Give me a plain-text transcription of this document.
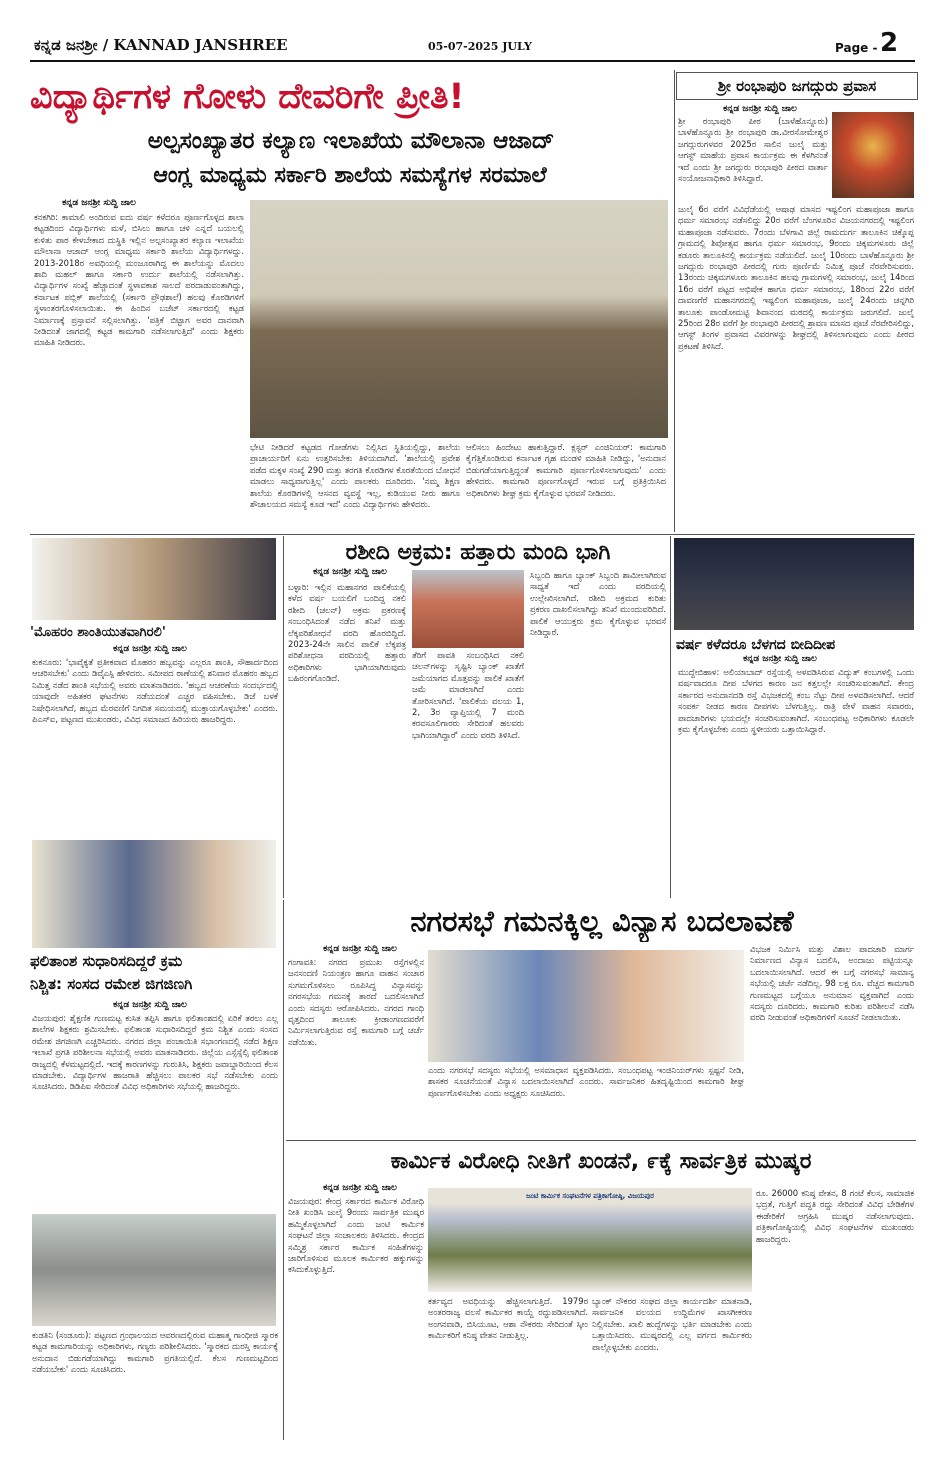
ಕನ್ನಡ ಜನಶ್ರೀ / KANNAD JANSHREE	05-07-2025 JULY	Page - 2
ವಿದ್ಯಾರ್ಥಿಗಳ ಗೋಳು ದೇವರಿಗೇ ಪ್ರೀತಿ!
ಅಲ್ಪಸಂಖ್ಯಾತರ ಕಲ್ಯಾಣ ಇಲಾಖೆಯ ಮೌಲಾನಾ ಆಜಾದ್
ಆಂಗ್ಲ ಮಾಧ್ಯಮ ಸರ್ಕಾರಿ ಶಾಲೆಯ ಸಮಸ್ಯೆಗಳ ಸರಮಾಲೆ
ಕನ್ನಡ ಜನಶ್ರೀ ಸುದ್ದಿ ಜಾಲ
ಕನಕಗಿರಿ: ಕಾಮಾಲಿ ಅಂದಿರುವ ಐದು ವರ್ಷ ಕಳೆದರೂ ಪೂರ್ಣಗೊಳ್ಳದ ಶಾಲಾ ಕಟ್ಟಡದಿಂದ ವಿದ್ಯಾರ್ಥಿಗಳು ಮಳೆ, ಬಿಸಿಲು ಹಾಗೂ ಚಳಿ ಎನ್ನದೆ ಬಯಲಲ್ಲಿ ಕುಳಿತು ಪಾಠ ಕೇಳಬೇಕಾದ ದುಸ್ಥಿತಿ ಇಲ್ಲಿನ ಅಲ್ಪಸಂಖ್ಯಾತರ ಕಲ್ಯಾಣ ಇಲಾಖೆಯ ಮೌಲಾನಾ ಆಜಾದ್ ಆಂಗ್ಲ ಮಾಧ್ಯಮ ಸರ್ಕಾರಿ ಶಾಲೆಯ ವಿದ್ಯಾರ್ಥಿಗಳದ್ದು. 2013-2018ರ ಅವಧಿಯಲ್ಲಿ ಮಂಜೂರಾಗಿದ್ದ ಈ ಶಾಲೆಯನ್ನು ಮೊದಲು ಶಾದಿ ಮಹಲ್ ಹಾಗೂ ಸರ್ಕಾರಿ ಉರ್ದು ಶಾಲೆಯಲ್ಲಿ ನಡೆಸಲಾಗಿತ್ತು. ವಿದ್ಯಾರ್ಥಿಗಳ ಸಂಖ್ಯೆ ಹೆಚ್ಚಾದಂತೆ ಸ್ಥಳಾವಕಾಶ ಸಾಲದೆ ಪರದಾಡುವಂತಾಗಿದ್ದು, ಕರ್ನಾಟಕ ಪಬ್ಲಿಕ್ ಶಾಲೆಯಲ್ಲಿ (ಸರ್ಕಾರಿ ಪ್ರೌಢಶಾಲೆ) ಹಲವು ಕೊಠಡಿಗಳಿಗೆ ಸ್ಥಳಾಂತರಗೊಳಿಸಲಾಯಿತು. ಈ ಹಿಂದಿನ ಬಜೆಟ್ ಸರ್ಕಾರದಲ್ಲಿ ಕಟ್ಟಡ ನಿರ್ಮಾಣಕ್ಕೆ ಪ್ರಸ್ತಾವನೆ ಸಲ್ಲಿಸಲಾಗಿತ್ತು. 'ಪತ್ರಿಕೆ ಬಿಟ್ಟಾಗ ಅವರ ದಾನವಾಗಿ ನೀಡಿದಂತೆ ಜಾಗದಲ್ಲಿ ಕಟ್ಟಡ ಕಾಮಗಾರಿ ನಡೆಸಲಾಗುತ್ತಿದೆ' ಎಂದು ಶಿಕ್ಷಕರು ಮಾಹಿತಿ ನೀಡಿದರು.
ಭೇಟಿ ನೀಡಿದರೆ ಕಟ್ಟಡದ ಗೋಡೆಗಳು ನಿಲ್ಲಿಸಿದ ಸ್ಥಿತಿಯಲ್ಲಿದ್ದು, ಶಾಲೆಯ ಪ್ರಾಚಾರ್ಯರಿಗೆ ಏನು ಉತ್ತರಿಸಬೇಕು ತಿಳಿಯದಾಗಿದೆ. 'ಶಾಲೆಯಲ್ಲಿ ಪ್ರವೇಶ ಪಡೆದ ಮಕ್ಕಳ ಸಂಖ್ಯೆ 290 ಮತ್ತು ತರಗತಿ ಕೊಠಡಿಗಳ ಕೊರತೆಯಿಂದ ಬೋಧನೆ ಮಾಡಲು ಸಾಧ್ಯವಾಗುತ್ತಿಲ್ಲ' ಎಂದು ಪಾಲಕರು ದೂರಿದರು. 'ನಮ್ಮ ಶಿಕ್ಷಣ ಶಾಲೆಯ ಕೊಠಡಿಗಳಲ್ಲಿ ಆಸನದ ವ್ಯವಸ್ಥೆ ಇಲ್ಲ, ಕುಡಿಯುವ ನೀರು ಹಾಗೂ ಶೌಚಾಲಯದ ಸಮಸ್ಯೆ ಕೂಡ ಇದೆ' ಎಂದು ವಿದ್ಯಾರ್ಥಿಗಳು ಹೇಳಿದರು.
ಆಲಿಸಲು ಹಿಂದೇಟು ಹಾಕುತ್ತಿದ್ದಾರೆ. ಕ್ಲಸ್ಟರ್ ಎಂಜಿನಿಯರ್: ಕಾಮಗಾರಿ ಕೈಗೆತ್ತಿಕೊಂಡಿರುವ ಕರ್ನಾಟಕ ಗೃಹ ಮಂಡಳಿ ಮಾಹಿತಿ ನೀಡಿದ್ದು, 'ಅನುದಾನ ಬಿಡುಗಡೆಯಾಗುತ್ತಿದ್ದಂತೆ ಕಾಮಗಾರಿ ಪೂರ್ಣಗೊಳಿಸಲಾಗುವುದು' ಎಂದು ಹೇಳಿದರು. ಕಾಮಗಾರಿ ಪೂರ್ಣಗೊಳ್ಳದೆ ಇರುವ ಬಗ್ಗೆ ಪ್ರತಿಕ್ರಿಯಿಸಿದ ಅಧಿಕಾರಿಗಳು ಶೀಘ್ರ ಕ್ರಮ ಕೈಗೊಳ್ಳುವ ಭರವಸೆ ನೀಡಿದರು.
ಶ್ರೀ ರಂಭಾಪುರಿ ಜಗದ್ಗುರು ಪ್ರವಾಸ
ಕನ್ನಡ ಜನಶ್ರೀ ಸುದ್ದಿ ಜಾಲ
ಶ್ರೀ ರಂಭಾಪುರಿ ಪೀಠ (ಬಾಳೆಹೊನ್ನೂರು) ಬಾಳೆಹೊನ್ನೂರು ಶ್ರೀ ರಂಭಾಪುರಿ ಡಾ.ವೀರಸೋಮೇಶ್ವರ ಜಗದ್ಗುರುಗಳವರ 2025ರ ಸಾಲಿನ ಜುಲೈ ಮತ್ತು ಆಗಸ್ಟ್ ಮಾಹೆಯ ಪ್ರವಾಸ ಕಾರ್ಯಕ್ರಮ ಈ ಕೆಳಗಿನಂತೆ ಇದೆ ಎಂದು ಶ್ರೀ ಜಗದ್ಗುರು ರಂಭಾಪುರಿ ಪೀಠದ ವಾರ್ತಾ ಸಂಯೋಜನಾಧಿಕಾರಿ ತಿಳಿಸಿದ್ದಾರೆ.
ಜುಲೈ 6ರ ವರೆಗೆ ವಿವಿಧೆಡೆಯಲ್ಲಿ ಆಷಾಢ ಮಾಸದ ಇಷ್ಟಲಿಂಗ ಮಹಾಪೂಜಾ ಹಾಗೂ ಧರ್ಮ ಸಮಾರಂಭ ನಡೆಸಲಿದ್ದು 20ರ ವರೆಗೆ ಬೆಂಗಳೂರಿನ ವಿಜಯನಗರದಲ್ಲಿ ಇಷ್ಟಲಿಂಗ ಮಹಾಪೂಜಾ ನಡೆಸುವರು. 7ರಂದು ಬೆಳಗಾವಿ ಜಿಲ್ಲೆ ರಾಮದುರ್ಗ ತಾಲೂಕಿನ ಚಿಕ್ಕೊಪ್ಪ ಗ್ರಾಮದಲ್ಲಿ ಶಿವೋತ್ಸವ ಹಾಗೂ ಧರ್ಮ ಸಮಾರಂಭ, 9ರಂದು ಚಿಕ್ಕಮಗಳೂರು ಜಿಲ್ಲೆ ಕಡೂರು ತಾಲೂಕಿನಲ್ಲಿ ಕಾರ್ಯಕ್ರಮ ನಡೆಯಲಿದೆ. ಜುಲೈ 10ರಂದು ಬಾಳೆಹೊನ್ನೂರು ಶ್ರೀ ಜಗದ್ಗುರು ರಂಭಾಪುರಿ ಪೀಠದಲ್ಲಿ ಗುರು ಪೂರ್ಣಿಮೆ ನಿಮಿತ್ತ ಪೂಜೆ ನೆರವೇರಿಸುವರು. 13ರಂದು ಚಿಕ್ಕಮಗಳೂರು ತಾಲೂಕಿನ ಹಲವು ಗ್ರಾಮಗಳಲ್ಲಿ ಸಮಾರಂಭ, ಜುಲೈ 14ರಿಂದ 16ರ ವರೆಗೆ ಪಟ್ಟದ ಅಭಿಷೇಕ ಹಾಗೂ ಧರ್ಮ ಸಮಾರಂಭ, 18ರಿಂದ 22ರ ವರೆಗೆ ದಾವಣಗೆರೆ ಮಹಾನಗರದಲ್ಲಿ ಇಷ್ಟಲಿಂಗ ಮಹಾಪೂಜಾ, ಜುಲೈ 24ರಂದು ಚನ್ನಗಿರಿ ತಾಲೂಕು ಪಾಂಡೋಮಟ್ಟಿ ಶಿವಾನಂದ ಮಠದಲ್ಲಿ ಕಾರ್ಯಕ್ರಮ ಜರುಗಲಿದೆ. ಜುಲೈ 25ರಿಂದ 28ರ ವರೆಗೆ ಶ್ರೀ ರಂಭಾಪುರಿ ಪೀಠದಲ್ಲಿ ಶ್ರಾವಣ ಮಾಸದ ಪೂಜೆ ನೆರವೇರಿಸಲಿದ್ದು, ಆಗಸ್ಟ್ ತಿಂಗಳ ಪ್ರವಾಸದ ವಿವರಗಳನ್ನು ಶೀಘ್ರದಲ್ಲಿ ತಿಳಿಸಲಾಗುವುದು ಎಂದು ಪೀಠದ ಪ್ರಕಟಣೆ ತಿಳಿಸಿದೆ.
'ಮೊಹರಂ ಶಾಂತಿಯುತವಾಗಿರಲಿ'
ಕನ್ನಡ ಜನಶ್ರೀ ಸುದ್ದಿ ಜಾಲ
ಕುಕನೂರು: 'ಭಾವೈಕ್ಯತೆ ಪ್ರತೀಕವಾದ ಮೊಹರಂ ಹಬ್ಬವನ್ನು ಎಲ್ಲರೂ ಶಾಂತಿ, ಸೌಹಾರ್ದದಿಂದ ಆಚರಿಸಬೇಕು' ಎಂದು ಡಿವೈಎಸ್ಪಿ ಹೇಳಿದರು. ಸಮೀಪದ ಠಾಣೆಯಲ್ಲಿ ಶನಿವಾರ ಮೊಹರಂ ಹಬ್ಬದ ನಿಮಿತ್ತ ನಡೆದ ಶಾಂತಿ ಸಭೆಯಲ್ಲಿ ಅವರು ಮಾತನಾಡಿದರು. 'ಹಬ್ಬದ ಆಚರಣೆಯ ಸಂದರ್ಭದಲ್ಲಿ ಯಾವುದೇ ಅಹಿತಕರ ಘಟನೆಗಳು ನಡೆಯದಂತೆ ಎಚ್ಚರ ವಹಿಸಬೇಕು. ಡಿಜೆ ಬಳಕೆ ನಿಷೇಧಿಸಲಾಗಿದೆ, ಹಬ್ಬದ ಮೆರವಣಿಗೆ ನಿಗದಿತ ಸಮಯದಲ್ಲಿ ಮುಕ್ತಾಯಗೊಳ್ಳಬೇಕು' ಎಂದರು. ಪಿಎಸ್ಐ, ಪಟ್ಟಣದ ಮುಖಂಡರು, ವಿವಿಧ ಸಮಾಜದ ಹಿರಿಯರು ಹಾಜರಿದ್ದರು.
ರಶೀದಿ ಅಕ್ರಮ: ಹತ್ತಾರು ಮಂದಿ ಭಾಗಿ
ಕನ್ನಡ ಜನಶ್ರೀ ಸುದ್ದಿ ಜಾಲ
ಬಳ್ಳಾರಿ: ಇಲ್ಲಿನ ಮಹಾನಗರ ಪಾಲಿಕೆಯಲ್ಲಿ ಕಳೆದ ವರ್ಷ ಬಯಲಿಗೆ ಬಂದಿದ್ದ ನಕಲಿ ರಶೀದಿ (ಚಲನ್) ಅಕ್ರಮ ಪ್ರಕರಣಕ್ಕೆ ಸಂಬಂಧಿಸಿದಂತೆ ನಡೆದ ತನಿಖೆ ಮತ್ತು ಲೆಕ್ಕಪರಿಶೋಧನೆ ವರದಿ ಹೊರಬಿದ್ದಿದೆ. 2023-24ನೇ ಸಾಲಿನ ಪಾಲಿಕೆ ಲೆಕ್ಕಪತ್ರ ಪರಿಶೋಧನಾ ವರದಿಯಲ್ಲಿ ಹತ್ತಾರು ಅಧಿಕಾರಿಗಳು ಭಾಗಿಯಾಗಿರುವುದು ಬಹಿರಂಗಗೊಂಡಿದೆ.
ತೆರಿಗೆ ಪಾವತಿ ಸಂಬಂಧಿಸಿದ ನಕಲಿ ಚಲನ್‌ಗಳನ್ನು ಸೃಷ್ಟಿಸಿ ಬ್ಯಾಂಕ್ ಖಾತೆಗೆ ಜಮೆಯಾಗದ ಮೊತ್ತವನ್ನು ಪಾಲಿಕೆ ಖಾತೆಗೆ ಜಮೆ ಮಾಡಲಾಗಿದೆ ಎಂದು ತೋರಿಸಲಾಗಿದೆ. 'ಪಾಲಿಕೆಯ ವಲಯ 1, 2, 3ರ ವ್ಯಾಪ್ತಿಯಲ್ಲಿ 7 ಮಂದಿ ಕರವಸೂಲಿಗಾರರು ಸೇರಿದಂತೆ ಹಲವರು ಭಾಗಿಯಾಗಿದ್ದಾರೆ' ಎಂದು ವರದಿ ತಿಳಿಸಿದೆ.
ಸಿಬ್ಬಂದಿ ಹಾಗೂ ಬ್ಯಾಂಕ್ ಸಿಬ್ಬಂದಿ ಶಾಮೀಲಾಗಿರುವ ಸಾಧ್ಯತೆ ಇದೆ ಎಂದು ವರದಿಯಲ್ಲಿ ಉಲ್ಲೇಖಿಸಲಾಗಿದೆ. ರಶೀದಿ ಅಕ್ರಮದ ಕುರಿತು ಪ್ರಕರಣ ದಾಖಲಿಸಲಾಗಿದ್ದು ತನಿಖೆ ಮುಂದುವರಿದಿದೆ. ಪಾಲಿಕೆ ಆಯುಕ್ತರು ಕ್ರಮ ಕೈಗೊಳ್ಳುವ ಭರವಸೆ ನೀಡಿದ್ದಾರೆ.
ವರ್ಷ ಕಳೆದರೂ ಬೆಳಗದ ಬೀದಿದೀಪ
ಕನ್ನಡ ಜನಶ್ರೀ ಸುದ್ದಿ ಜಾಲ
ಮುದ್ದೇಬಿಹಾಳ: ಅಲಿಯಾಬಾದ್ ರಸ್ತೆಯಲ್ಲಿ ಅಳವಡಿಸಿರುವ ವಿದ್ಯುತ್ ಕಂಬಗಳಲ್ಲಿ ಒಂದು ವರ್ಷವಾದರೂ ದೀಪ ಬೆಳಗದ ಕಾರಣ ಜನ ಕತ್ತಲಲ್ಲೇ ಸಂಚರಿಸುವಂತಾಗಿದೆ. ಕೇಂದ್ರ ಸರ್ಕಾರದ ಅನುದಾನದಡಿ ರಸ್ತೆ ವಿಭಜಕದಲ್ಲಿ ಕಂಬ ನೆಟ್ಟು ದೀಪ ಅಳವಡಿಸಲಾಗಿದೆ. ಆದರೆ ಸಂಪರ್ಕ ನೀಡದ ಕಾರಣ ದೀಪಗಳು ಬೆಳಗುತ್ತಿಲ್ಲ. ರಾತ್ರಿ ವೇಳೆ ವಾಹನ ಸವಾರರು, ಪಾದಚಾರಿಗಳು ಭಯದಲ್ಲೇ ಸಂಚರಿಸುವಂತಾಗಿದೆ. ಸಂಬಂಧಪಟ್ಟ ಅಧಿಕಾರಿಗಳು ಕೂಡಲೇ ಕ್ರಮ ಕೈಗೊಳ್ಳಬೇಕು ಎಂದು ಸ್ಥಳೀಯರು ಒತ್ತಾಯಿಸಿದ್ದಾರೆ.
ಫಲಿತಾಂಶ ಸುಧಾರಿಸದಿದ್ದರೆ ಕ್ರಮ
ನಿಶ್ಚಿತ: ಸಂಸದ ರಮೇಶ ಜಿಗಜಿಣಗಿ
ಕನ್ನಡ ಜನಶ್ರೀ ಸುದ್ದಿ ಜಾಲ
ವಿಜಯಪುರ: ಶೈಕ್ಷಣಿಕ ಗುಣಮಟ್ಟ ಕುಸಿತ ತಪ್ಪಿಸಿ ಹಾಗೂ ಫಲಿತಾಂಶದಲ್ಲಿ ಏರಿಕೆ ತರಲು ಎಲ್ಲ ಶಾಲೆಗಳ ಶಿಕ್ಷಕರು ಶ್ರಮಿಸಬೇಕು. ಫಲಿತಾಂಶ ಸುಧಾರಿಸದಿದ್ದರೆ ಕ್ರಮ ನಿಶ್ಚಿತ ಎಂದು ಸಂಸದ ರಮೇಶ ಜಿಗಜಿಣಗಿ ಎಚ್ಚರಿಸಿದರು. ನಗರದ ಜಿಲ್ಲಾ ಪಂಚಾಯಿತಿ ಸಭಾಂಗಣದಲ್ಲಿ ನಡೆದ ಶಿಕ್ಷಣ ಇಲಾಖೆ ಪ್ರಗತಿ ಪರಿಶೀಲನಾ ಸಭೆಯಲ್ಲಿ ಅವರು ಮಾತನಾಡಿದರು. ಜಿಲ್ಲೆಯ ಎಸ್ಸೆಸ್ಸೆಲ್ಸಿ ಫಲಿತಾಂಶ ರಾಜ್ಯದಲ್ಲಿ ಕೆಳಮಟ್ಟದಲ್ಲಿದೆ. ಇದಕ್ಕೆ ಕಾರಣಗಳನ್ನು ಗುರುತಿಸಿ, ಶಿಕ್ಷಕರು ಜವಾಬ್ದಾರಿಯಿಂದ ಕೆಲಸ ಮಾಡಬೇಕು. ವಿದ್ಯಾರ್ಥಿಗಳ ಹಾಜರಾತಿ ಹೆಚ್ಚಿಸಲು ಪಾಲಕರ ಸಭೆ ನಡೆಸಬೇಕು ಎಂದು ಸೂಚಿಸಿದರು. ಡಿಡಿಪಿಐ ಸೇರಿದಂತೆ ವಿವಿಧ ಅಧಿಕಾರಿಗಳು ಸಭೆಯಲ್ಲಿ ಹಾಜರಿದ್ದರು.
ಕುಡತಿನಿ (ಸಂಡೂರು): ಪಟ್ಟಣದ ಗ್ರಂಥಾಲಯದ ಆವರಣದಲ್ಲಿರುವ ಮಹಾತ್ಮ ಗಾಂಧೀಜಿ ಸ್ಮಾರಕ ಕಟ್ಟಡ ಕಾಮಗಾರಿಯನ್ನು ಅಧಿಕಾರಿಗಳು, ಗಣ್ಯರು ಪರಿಶೀಲಿಸಿದರು. 'ಸ್ಮಾರಕದ ದುರಸ್ತಿ ಕಾರ್ಯಕ್ಕೆ ಅನುದಾನ ಬಿಡುಗಡೆಯಾಗಿದ್ದು ಕಾಮಗಾರಿ ಪ್ರಗತಿಯಲ್ಲಿದೆ. ಕೆಲಸ ಗುಣಮಟ್ಟದಿಂದ ನಡೆಯಬೇಕು' ಎಂದು ಸೂಚಿಸಿದರು.
ನಗರಸಭೆ ಗಮನಕ್ಕಿಲ್ಲ ವಿನ್ಯಾಸ ಬದಲಾವಣೆ
ಕನ್ನಡ ಜನಶ್ರೀ ಸುದ್ದಿ ಜಾಲ
ಗಂಗಾವತಿ: ನಗರದ ಪ್ರಮುಖ ರಸ್ತೆಗಳಲ್ಲಿನ ಜನಸಂದಣಿ ನಿಯಂತ್ರಣ ಹಾಗೂ ವಾಹನ ಸಂಚಾರ ಸುಗಮಗೊಳಿಸಲು ರೂಪಿಸಿದ್ದ ವಿನ್ಯಾಸವನ್ನು ನಗರಸಭೆಯ ಗಮನಕ್ಕೆ ತಾರದೆ ಬದಲಿಸಲಾಗಿದೆ ಎಂದು ಸದಸ್ಯರು ಆರೋಪಿಸಿದರು. ನಗರದ ಗಾಂಧಿ ವೃತ್ತದಿಂದ ತಾಲೂಕು ಕ್ರೀಡಾಂಗಣದವರೆಗೆ ನಿರ್ಮಿಸಲಾಗುತ್ತಿರುವ ರಸ್ತೆ ಕಾಮಗಾರಿ ಬಗ್ಗೆ ಚರ್ಚೆ ನಡೆಯಿತು.
ಎಂದು ನಗರಸಭೆ ಸದಸ್ಯರು ಸಭೆಯಲ್ಲಿ ಅಸಮಾಧಾನ ವ್ಯಕ್ತಪಡಿಸಿದರು. ಸಂಬಂಧಪಟ್ಟ ಇಂಜಿನಿಯರ್‌ಗಳು ಸ್ಪಷ್ಟನೆ ನೀಡಿ, ಶಾಸಕರ ಸೂಚನೆಯಂತೆ ವಿನ್ಯಾಸ ಬದಲಾಯಿಸಲಾಗಿದೆ ಎಂದರು. ಸಾರ್ವಜನಿಕರ ಹಿತದೃಷ್ಟಿಯಿಂದ ಕಾಮಗಾರಿ ಶೀಘ್ರ ಪೂರ್ಣಗೊಳಿಸಬೇಕು ಎಂದು ಅಧ್ಯಕ್ಷರು ಸೂಚಿಸಿದರು.
ವಿಭಜಕ ನಿರ್ಮಿಸಿ ಮತ್ತು ವಿಶಾಲ ಪಾದಚಾರಿ ಮಾರ್ಗ ನಿರ್ಮಾಣದ ವಿನ್ಯಾಸ ಬದಲಿಸಿ, ಅಂದಾಜು ಪಟ್ಟಿಯನ್ನೂ ಬದಲಾಯಿಸಲಾಗಿದೆ. ಆದರೆ ಈ ಬಗ್ಗೆ ನಗರಸಭೆ ಸಾಮಾನ್ಯ ಸಭೆಯಲ್ಲಿ ಚರ್ಚೆ ನಡೆದಿಲ್ಲ. 98 ಲಕ್ಷ ರೂ. ವೆಚ್ಚದ ಕಾಮಗಾರಿ ಗುಣಮಟ್ಟದ ಬಗ್ಗೆಯೂ ಅನುಮಾನ ವ್ಯಕ್ತವಾಗಿದೆ ಎಂದು ಸದಸ್ಯರು ದೂರಿದರು. ಕಾಮಗಾರಿ ಕುರಿತು ಪರಿಶೀಲನೆ ನಡೆಸಿ ವರದಿ ನೀಡುವಂತೆ ಅಧಿಕಾರಿಗಳಿಗೆ ಸೂಚನೆ ನೀಡಲಾಯಿತು.
ಕಾರ್ಮಿಕ ವಿರೋಧಿ ನೀತಿಗೆ ಖಂಡನೆ, ೯ಕ್ಕೆ ಸಾರ್ವತ್ರಿಕ ಮುಷ್ಕರ
ಕನ್ನಡ ಜನಶ್ರೀ ಸುದ್ದಿ ಜಾಲ
ವಿಜಯಪುರ: ಕೇಂದ್ರ ಸರ್ಕಾರದ ಕಾರ್ಮಿಕ ವಿರೋಧಿ ನೀತಿ ಖಂಡಿಸಿ ಜುಲೈ 9ರಂದು ಸಾರ್ವತ್ರಿಕ ಮುಷ್ಕರ ಹಮ್ಮಿಕೊಳ್ಳಲಾಗಿದೆ ಎಂದು ಜಂಟಿ ಕಾರ್ಮಿಕ ಸಂಘಟನೆ ಜಿಲ್ಲಾ ಸಂಚಾಲಕರು ತಿಳಿಸಿದರು. ಕೇಂದ್ರದ ಸಮ್ಮಿಶ್ರ ಸರ್ಕಾರ ಕಾರ್ಮಿಕ ಸಂಹಿತೆಗಳನ್ನು ಜಾರಿಗೊಳಿಸುವ ಮೂಲಕ ಕಾರ್ಮಿಕರ ಹಕ್ಕುಗಳನ್ನು ಕಸಿದುಕೊಳ್ಳುತ್ತಿದೆ.
ಜಂಟಿ ಕಾರ್ಮಿಕ ಸಂಘಟನೆಗಳ ಪತ್ರಿಕಾಗೋಷ್ಠಿ, ವಿಜಯಪುರ
ಕರ್ತವ್ಯದ ಅವಧಿಯನ್ನು ಹೆಚ್ಚಿಸಲಾಗುತ್ತಿದೆ. 1979ರ ಅಂತರರಾಜ್ಯ ವಲಸೆ ಕಾರ್ಮಿಕರ ಕಾಯ್ದೆ ರದ್ದುಪಡಿಸಲಾಗಿದೆ. ಅಂಗನವಾಡಿ, ಬಿಸಿಯೂಟ, ಆಶಾ ನೌಕರರು ಸೇರಿದಂತೆ ಸ್ಕೀಂ ಕಾರ್ಮಿಕರಿಗೆ ಕನಿಷ್ಠ ವೇತನ ನೀಡುತ್ತಿಲ್ಲ.
ಬ್ಯಾಂಕ್ ನೌಕರರ ಸಂಘದ ಜಿಲ್ಲಾ ಕಾರ್ಯದರ್ಶಿ ಮಾತನಾಡಿ, ಸಾರ್ವಜನಿಕ ವಲಯದ ಉದ್ದಿಮೆಗಳ ಖಾಸಗೀಕರಣ ನಿಲ್ಲಿಸಬೇಕು. ಖಾಲಿ ಹುದ್ದೆಗಳನ್ನು ಭರ್ತಿ ಮಾಡಬೇಕು ಎಂದು ಒತ್ತಾಯಿಸಿದರು. ಮುಷ್ಕರದಲ್ಲಿ ಎಲ್ಲ ವರ್ಗದ ಕಾರ್ಮಿಕರು ಪಾಲ್ಗೊಳ್ಳಬೇಕು ಎಂದರು.
ರೂ. 26000 ಕನಿಷ್ಠ ವೇತನ, 8 ಗಂಟೆ ಕೆಲಸ, ಸಾಮಾಜಿಕ ಭದ್ರತೆ, ಗುತ್ತಿಗೆ ಪದ್ಧತಿ ರದ್ದು ಸೇರಿದಂತೆ ವಿವಿಧ ಬೇಡಿಕೆಗಳ ಈಡೇರಿಕೆಗೆ ಆಗ್ರಹಿಸಿ ಮುಷ್ಕರ ನಡೆಸಲಾಗುವುದು. ಪತ್ರಿಕಾಗೋಷ್ಠಿಯಲ್ಲಿ ವಿವಿಧ ಸಂಘಟನೆಗಳ ಮುಖಂಡರು ಹಾಜರಿದ್ದರು.
